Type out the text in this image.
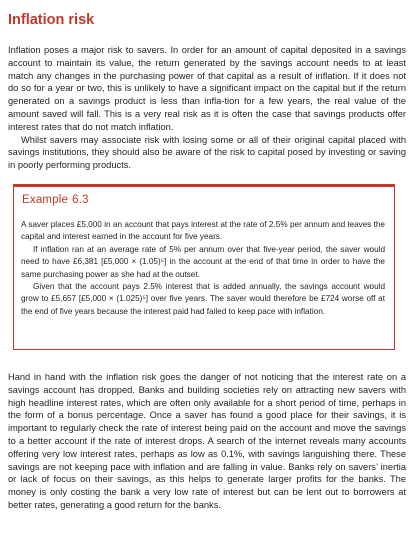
Inflation risk

Inflation poses a major risk to savers. In order for an amount of capital deposited in a savings account to maintain its value, the return generated by the savings account needs to at least match any changes in the purchasing power of that capital as a result of inflation. If it does not do so for a year or two, this is unlikely to have a significant impact on the capital but if the return generated on a savings product is less than infla-tion for a few years, the real value of the amount saved will fall. This is a very real risk as it is often the case that savings products offer interest rates that do not match inflation.

Whilst savers may associate risk with losing some or all of their original capital placed with savings institutions, they should also be aware of the risk to capital posed by investing or saving in poorly performing products.

Example 6.3

A saver places £5,000 in an account that pays interest at the rate of 2.5% per annum and leaves the capital and interest earned in the account for five years.

If inflation ran at an average rate of 5% per annum over that five-year period, the saver would need to have £6,381 [£5,000 × (1.05)⁵] in the account at the end of that time in order to have the same purchasing power as she had at the outset.

Given that the account pays 2.5% interest that is added annually, the savings account would grow to £5,657 [£5,000 × (1.025)⁵] over five years. The saver would therefore be £724 worse off at the end of five years because the interest paid had failed to keep pace with inflation.

Hand in hand with the inflation risk goes the danger of not noticing that the interest rate on a savings account has dropped. Banks and building societies rely on attracting new savers with high headline interest rates, which are often only available for a short period of time, perhaps in the form of a bonus percentage. Once a saver has found a good place for their savings, it is important to regularly check the rate of interest being paid on the account and move the savings to a better account if the rate of interest drops. A search of the internet reveals many accounts offering very low interest rates, perhaps as low as 0.1%, with savings languishing there. These savings are not keeping pace with inflation and are falling in value. Banks rely on savers’ inertia or lack of focus on their savings, as this helps to generate larger profits for the banks. The money is only costing the bank a very low rate of interest but can be lent out to borrowers at better rates, generating a good return for the banks.
